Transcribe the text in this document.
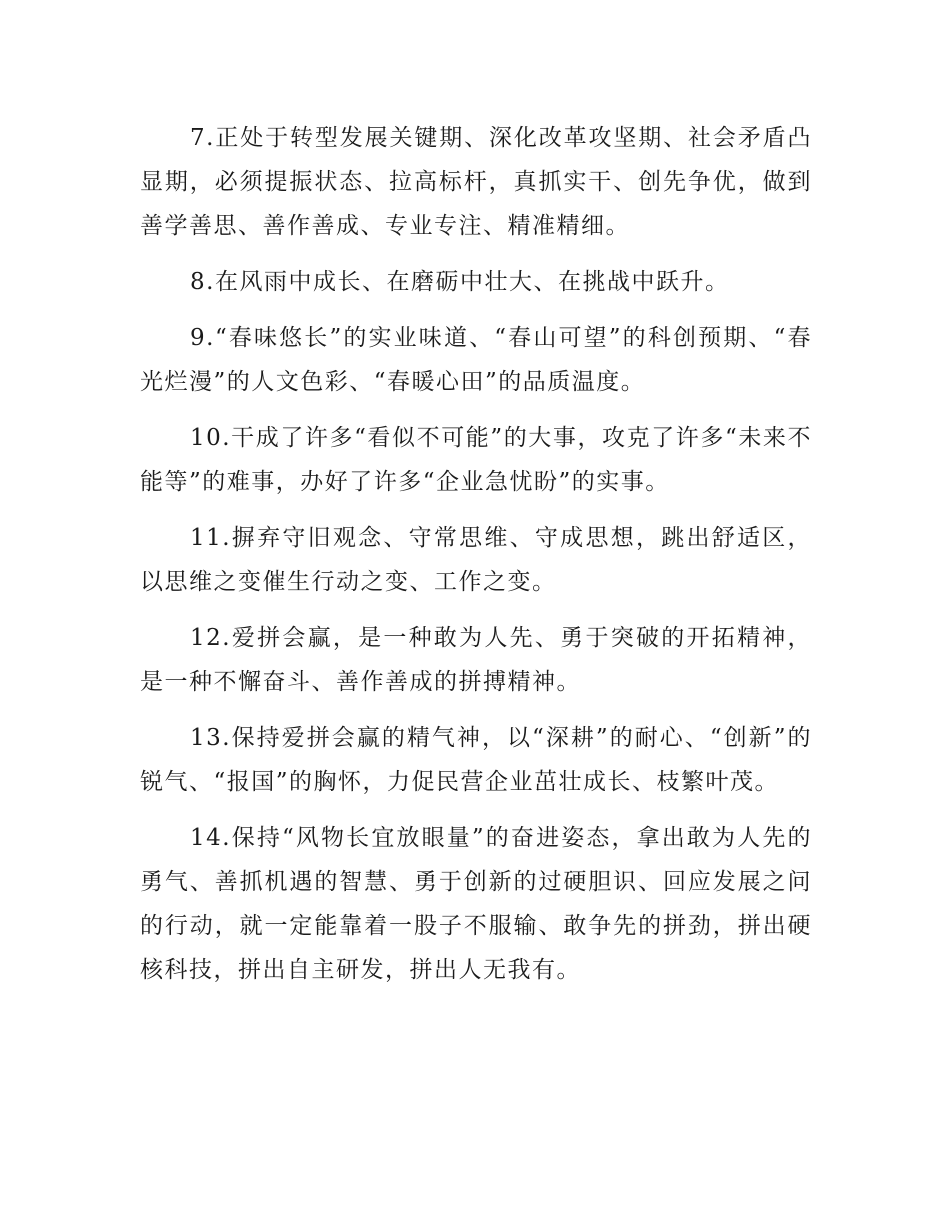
7.正处于转型发展关键期、深化改革攻坚期、社会矛盾凸显期，必须提振状态、拉高标杆，真抓实干、创先争优，做到善学善思、善作善成、专业专注、精准精细。

8.在风雨中成长、在磨砺中壮大、在挑战中跃升。

9.“春味悠长”的实业味道、“春山可望”的科创预期、“春光烂漫”的人文色彩、“春暖心田”的品质温度。

10.干成了许多“看似不可能”的大事，攻克了许多“未来不能等”的难事，办好了许多“企业急忧盼”的实事。

11.摒弃守旧观念、守常思维、守成思想，跳出舒适区，以思维之变催生行动之变、工作之变。

12.爱拼会赢，是一种敢为人先、勇于突破的开拓精神，是一种不懈奋斗、善作善成的拼搏精神。

13.保持爱拼会赢的精气神，以“深耕”的耐心、“创新”的锐气、“报国”的胸怀，力促民营企业茁壮成长、枝繁叶茂。

14.保持“风物长宜放眼量”的奋进姿态，拿出敢为人先的勇气、善抓机遇的智慧、勇于创新的过硬胆识、回应发展之问的行动，就一定能靠着一股子不服输、敢争先的拼劲，拼出硬核科技，拼出自主研发，拼出人无我有。
